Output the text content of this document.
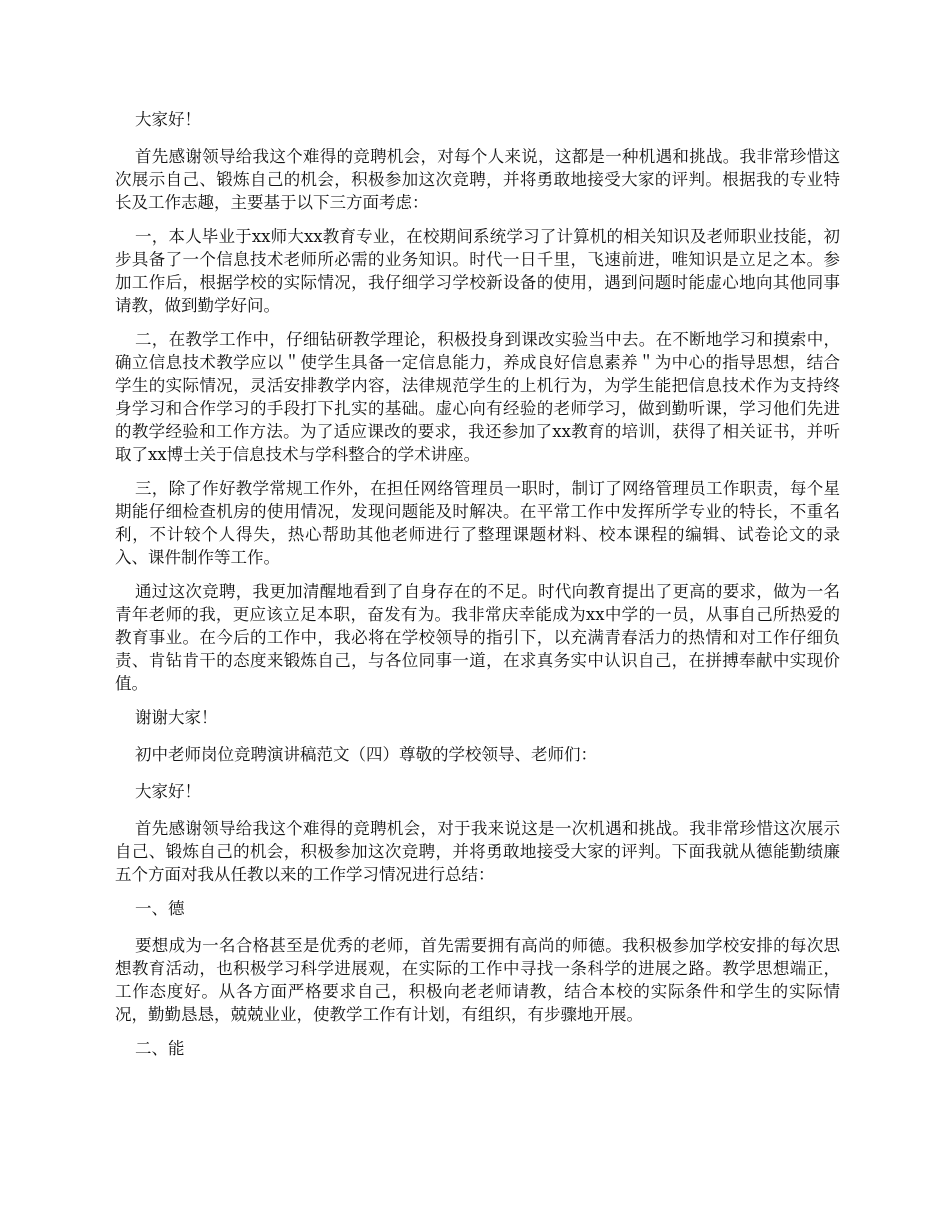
大家好！

首先感谢领导给我这个难得的竞聘机会，对每个人来说，这都是一种机遇和挑战。我非常珍惜这次展示自己、锻炼自己的机会，积极参加这次竞聘，并将勇敢地接受大家的评判。根据我的专业特长及工作志趣，主要基于以下三方面考虑：

一，本人毕业于xx师大xx教育专业，在校期间系统学习了计算机的相关知识及老师职业技能，初步具备了一个信息技术老师所必需的业务知识。时代一日千里，飞速前进，唯知识是立足之本。参加工作后，根据学校的实际情况，我仔细学习学校新设备的使用，遇到问题时能虚心地向其他同事请教，做到勤学好问。

二，在教学工作中，仔细钻研教学理论，积极投身到课改实验当中去。在不断地学习和摸索中，确立信息技术教学应以＂使学生具备一定信息能力，养成良好信息素养＂为中心的指导思想，结合学生的实际情况，灵活安排教学内容，法律规范学生的上机行为，为学生能把信息技术作为支持终身学习和合作学习的手段打下扎实的基础。虚心向有经验的老师学习，做到勤听课，学习他们先进的教学经验和工作方法。为了适应课改的要求，我还参加了xx教育的培训，获得了相关证书，并听取了xx博士关于信息技术与学科整合的学术讲座。

三，除了作好教学常规工作外，在担任网络管理员一职时，制订了网络管理员工作职责，每个星期能仔细检查机房的使用情况，发现问题能及时解决。在平常工作中发挥所学专业的特长，不重名利，不计较个人得失，热心帮助其他老师进行了整理课题材料、校本课程的编辑、试卷论文的录入、课件制作等工作。

通过这次竞聘，我更加清醒地看到了自身存在的不足。时代向教育提出了更高的要求，做为一名青年老师的我，更应该立足本职，奋发有为。我非常庆幸能成为xx中学的一员，从事自己所热爱的教育事业。在今后的工作中，我必将在学校领导的指引下，以充满青春活力的热情和对工作仔细负责、肯钻肯干的态度来锻炼自己，与各位同事一道，在求真务实中认识自己，在拼搏奉献中实现价值。

谢谢大家！

初中老师岗位竞聘演讲稿范文（四）尊敬的学校领导、老师们：

大家好！

首先感谢领导给我这个难得的竞聘机会，对于我来说这是一次机遇和挑战。我非常珍惜这次展示自己、锻炼自己的机会，积极参加这次竞聘，并将勇敢地接受大家的评判。下面我就从德能勤绩廉五个方面对我从任教以来的工作学习情况进行总结：

一、德

要想成为一名合格甚至是优秀的老师，首先需要拥有高尚的师德。我积极参加学校安排的每次思想教育活动，也积极学习科学进展观，在实际的工作中寻找一条科学的进展之路。教学思想端正，工作态度好。从各方面严格要求自己，积极向老老师请教，结合本校的实际条件和学生的实际情况，勤勤恳恳，兢兢业业，使教学工作有计划，有组织，有步骤地开展。

二、能
